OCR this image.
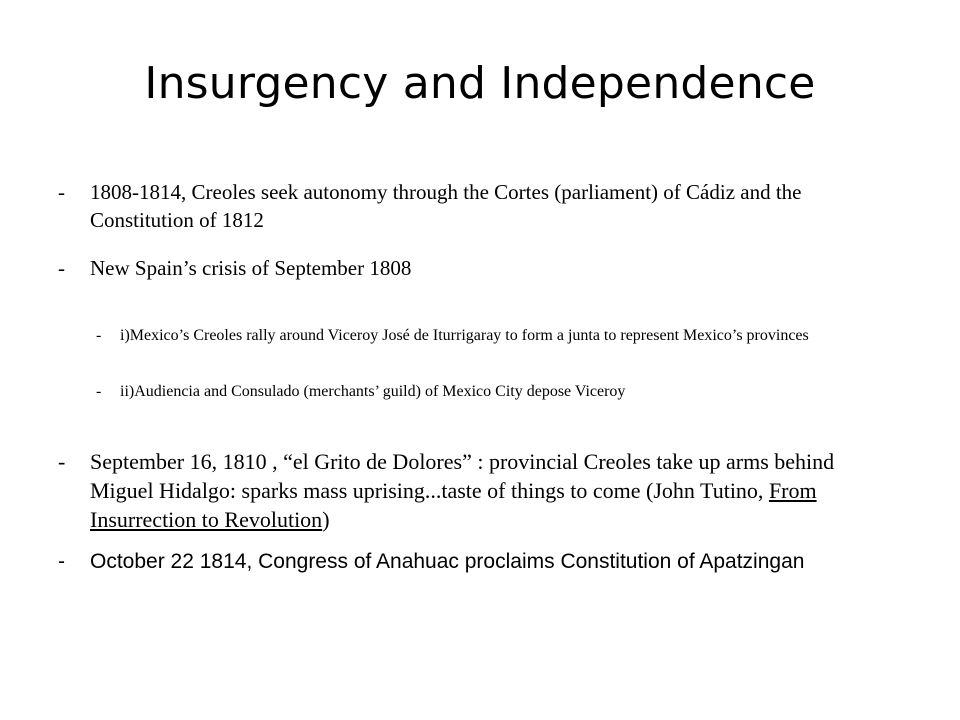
Insurgency and Independence
-	1808-1814, Creoles seek autonomy through the Cortes (parliament) of Cádiz and the Constitution of 1812
-	New Spain’s crisis of September 1808
-	i)Mexico’s Creoles rally around Viceroy José de Iturrigaray to form a junta to represent Mexico’s provinces
-	ii)Audiencia and Consulado (merchants’ guild) of Mexico City depose Viceroy
-	September 16, 1810 , “el Grito de Dolores” : provincial Creoles take up arms behind Miguel Hidalgo: sparks mass uprising...taste of things to come (John Tutino, From Insurrection to Revolution)
-	October 22 1814, Congress of Anahuac proclaims Constitution of Apatzingan
